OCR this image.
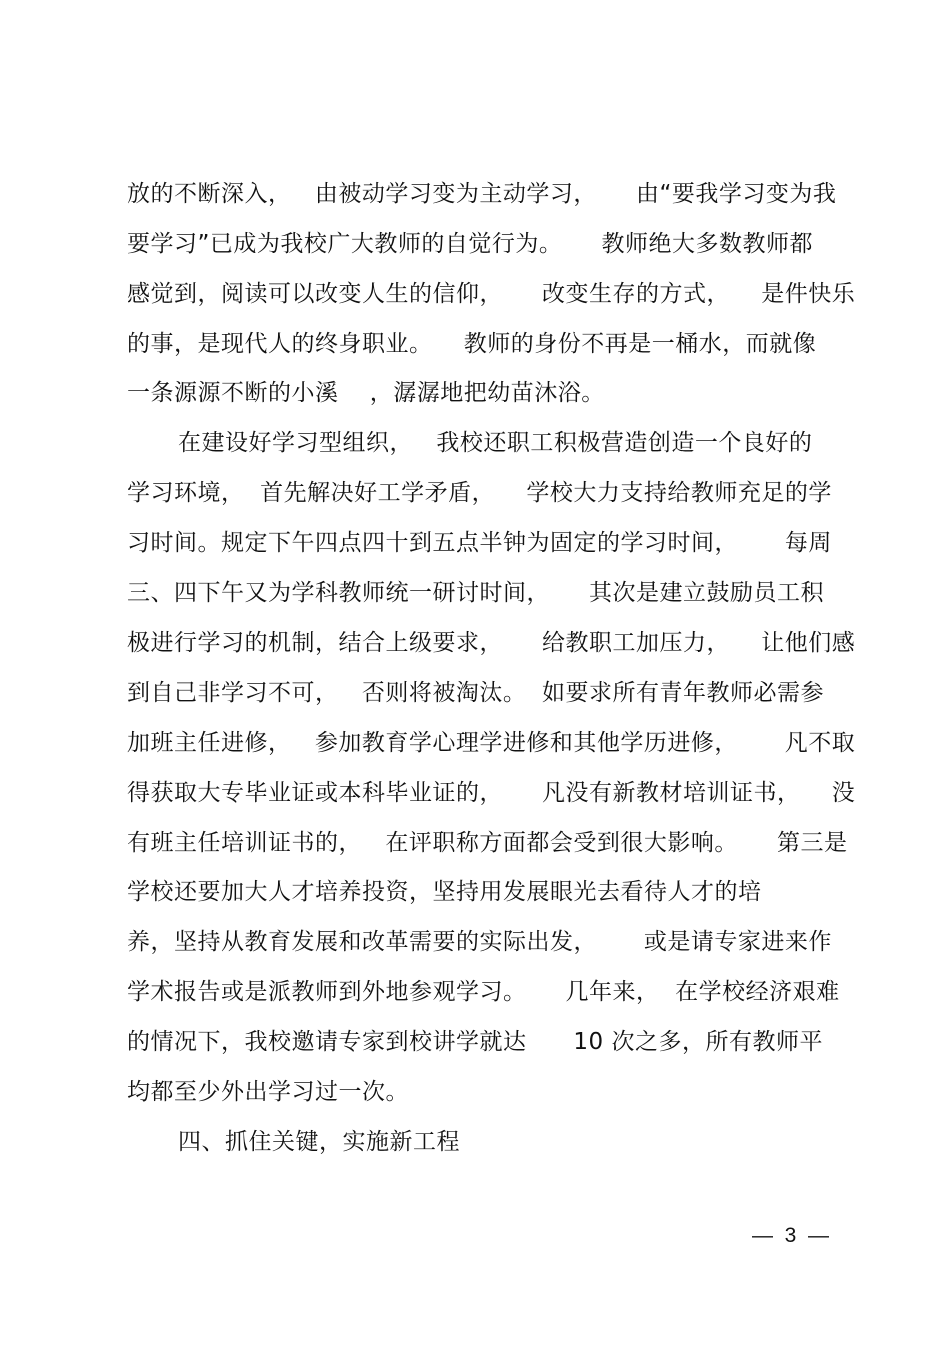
放的不断深入，   由被动学习变为主动学习，     由“要我学习变为我
要学习”已成为我校广大教师的自觉行为。     教师绝大多数教师都
感觉到，阅读可以改变人生的信仰，     改变生存的方式，    是件快乐
的事，是现代人的终身职业。    教师的身份不再是一桶水，而就像
一条源源不断的小溪    ，潺潺地把幼苗沐浴。
在建设好学习型组织，   我校还职工积极营造创造一个良好的
学习环境，  首先解决好工学矛盾，    学校大力支持给教师充足的学
习时间。规定下午四点四十到五点半钟为固定的学习时间，      每周
三、四下午又为学科教师统一研讨时间，     其次是建立鼓励员工积
极进行学习的机制，结合上级要求，     给教职工加压力，    让他们感
到自己非学习不可，   否则将被淘汰。  如要求所有青年教师必需参
加班主任进修，   参加教育学心理学进修和其他学历进修，      凡不取
得获取大专毕业证或本科毕业证的，     凡没有新教材培训证书，    没
有班主任培训证书的，   在评职称方面都会受到很大影响。     第三是
学校还要加大人才培养投资，坚持用发展眼光去看待人才的培
养，坚持从教育发展和改革需要的实际出发，      或是请专家进来作
学术报告或是派教师到外地参观学习。     几年来，  在学校经济艰难
的情况下，我校邀请专家到校讲学就达      10 次之多，所有教师平
均都至少外出学习过一次。
四、抓住关键，实施新工程
—  3  —
